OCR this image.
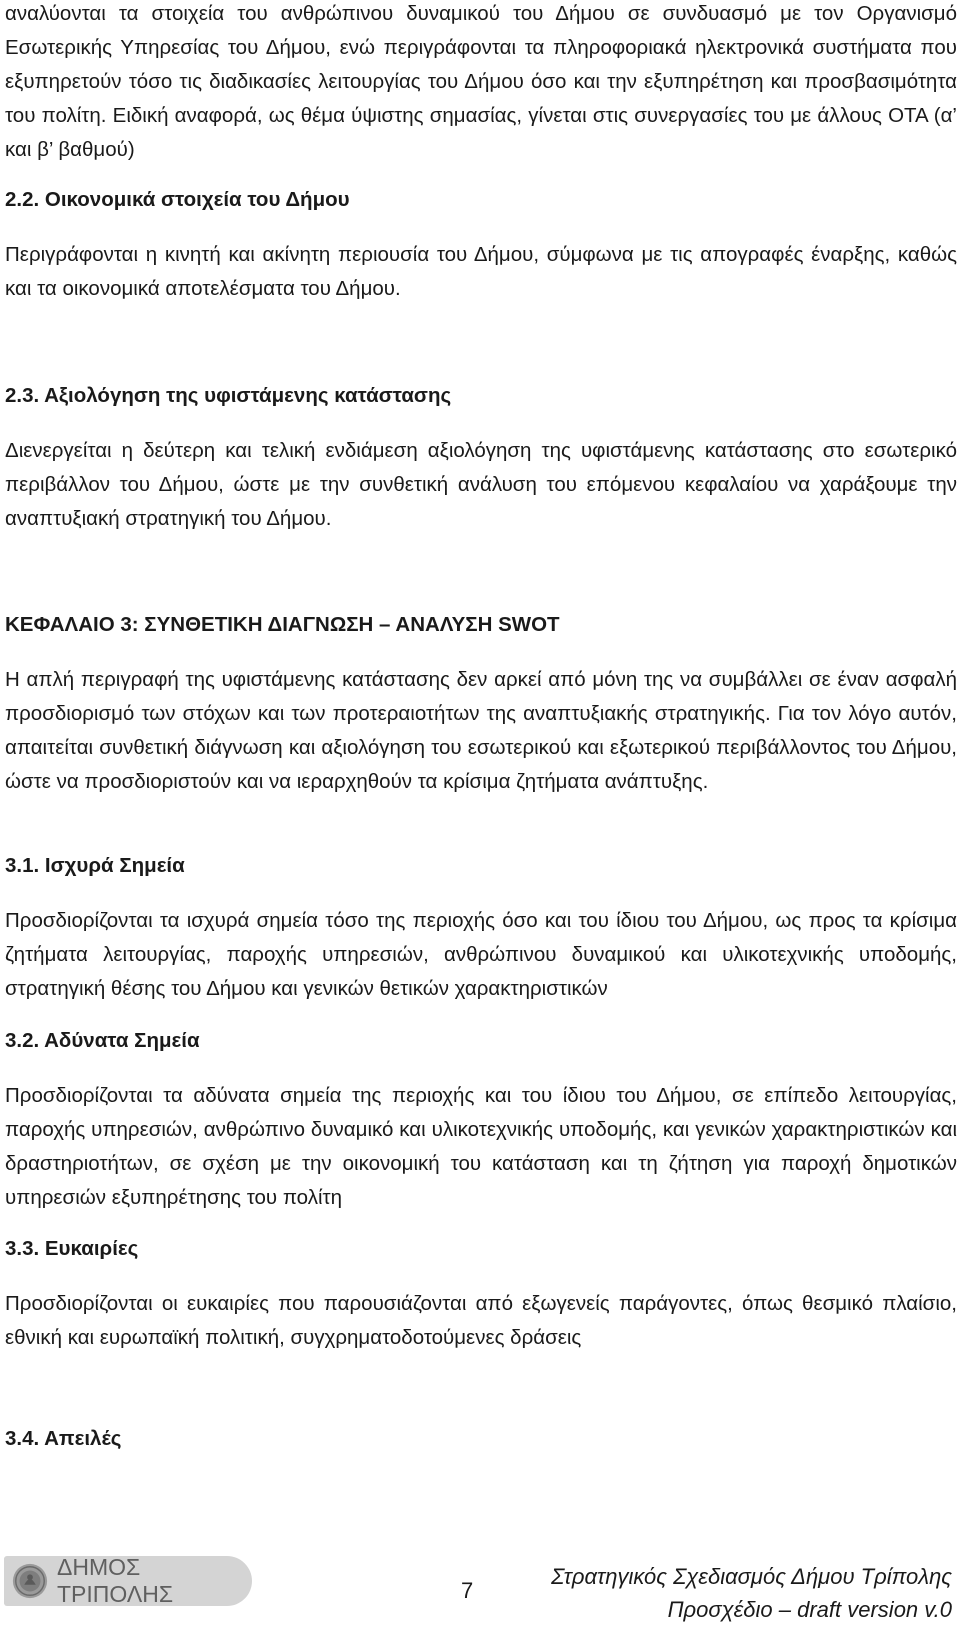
αναλύονται τα στοιχεία του ανθρώπινου δυναμικού του Δήμου σε συνδυασμό με τον Οργανισμό Εσωτερικής Υπηρεσίας του Δήμου, ενώ περιγράφονται τα πληροφοριακά ηλεκτρονικά συστήματα που εξυπηρετούν τόσο τις διαδικασίες λειτουργίας του Δήμου όσο και την εξυπηρέτηση και προσβασιμότητα του πολίτη. Ειδική αναφορά, ως θέμα ύψιστης σημασίας, γίνεται στις συνεργασίες του με άλλους ΟΤΑ (α’ και β’ βαθμού)

2.2. Οικονομικά στοιχεία του Δήμου

Περιγράφονται η κινητή και ακίνητη περιουσία του Δήμου, σύμφωνα με τις απογραφές έναρξης, καθώς και τα οικονομικά αποτελέσματα του Δήμου.

2.3. Αξιολόγηση της υφιστάμενης κατάστασης

Διενεργείται η δεύτερη και τελική ενδιάμεση αξιολόγηση της υφιστάμενης κατάστασης στο εσωτερικό περιβάλλον του Δήμου, ώστε με την συνθετική ανάλυση του επόμενου κεφαλαίου να χαράξουμε την αναπτυξιακή στρατηγική του Δήμου.

ΚΕΦΑΛΑΙΟ 3: ΣΥΝΘΕΤΙΚΗ ΔΙΑΓΝΩΣΗ – ΑΝΑΛΥΣΗ SWOT

Η απλή περιγραφή της υφιστάμενης κατάστασης δεν αρκεί από μόνη της να συμβάλλει σε έναν ασφαλή προσδιορισμό των στόχων και των προτεραιοτήτων της αναπτυξιακής στρατηγικής. Για τον λόγο αυτόν, απαιτείται συνθετική διάγνωση και αξιολόγηση του εσωτερικού και εξωτερικού περιβάλλοντος του Δήμου, ώστε να προσδιοριστούν και να ιεραρχηθούν τα κρίσιμα ζητήματα ανάπτυξης.

3.1. Ισχυρά Σημεία

Προσδιορίζονται τα ισχυρά σημεία τόσο της περιοχής όσο και του ίδιου του Δήμου, ως προς τα κρίσιμα ζητήματα λειτουργίας, παροχής υπηρεσιών, ανθρώπινου δυναμικού και υλικοτεχνικής υποδομής, στρατηγική θέσης του Δήμου και γενικών θετικών χαρακτηριστικών

3.2. Αδύνατα Σημεία

Προσδιορίζονται τα αδύνατα σημεία της περιοχής και του ίδιου του Δήμου, σε επίπεδο λειτουργίας, παροχής υπηρεσιών, ανθρώπινο δυναμικό και υλικοτεχνικής υποδομής, και γενικών χαρακτηριστικών και δραστηριοτήτων, σε σχέση με την οικονομική του κατάσταση και τη ζήτηση για παροχή δημοτικών υπηρεσιών εξυπηρέτησης του πολίτη

3.3. Ευκαιρίες

Προσδιορίζονται οι ευκαιρίες που παρουσιάζονται από εξωγενείς παράγοντες, όπως θεσμικό πλαίσιο, εθνική και ευρωπαϊκή πολιτική, συγχρηματοδοτούμενες δράσεις

3.4. Απειλές
ΔΗΜΟΣ ΤΡΙΠΟΛΗΣ	7
Στρατηγικός Σχεδιασμός Δήμου Τρίπολης
Προσχέδιο – draft version v.0
